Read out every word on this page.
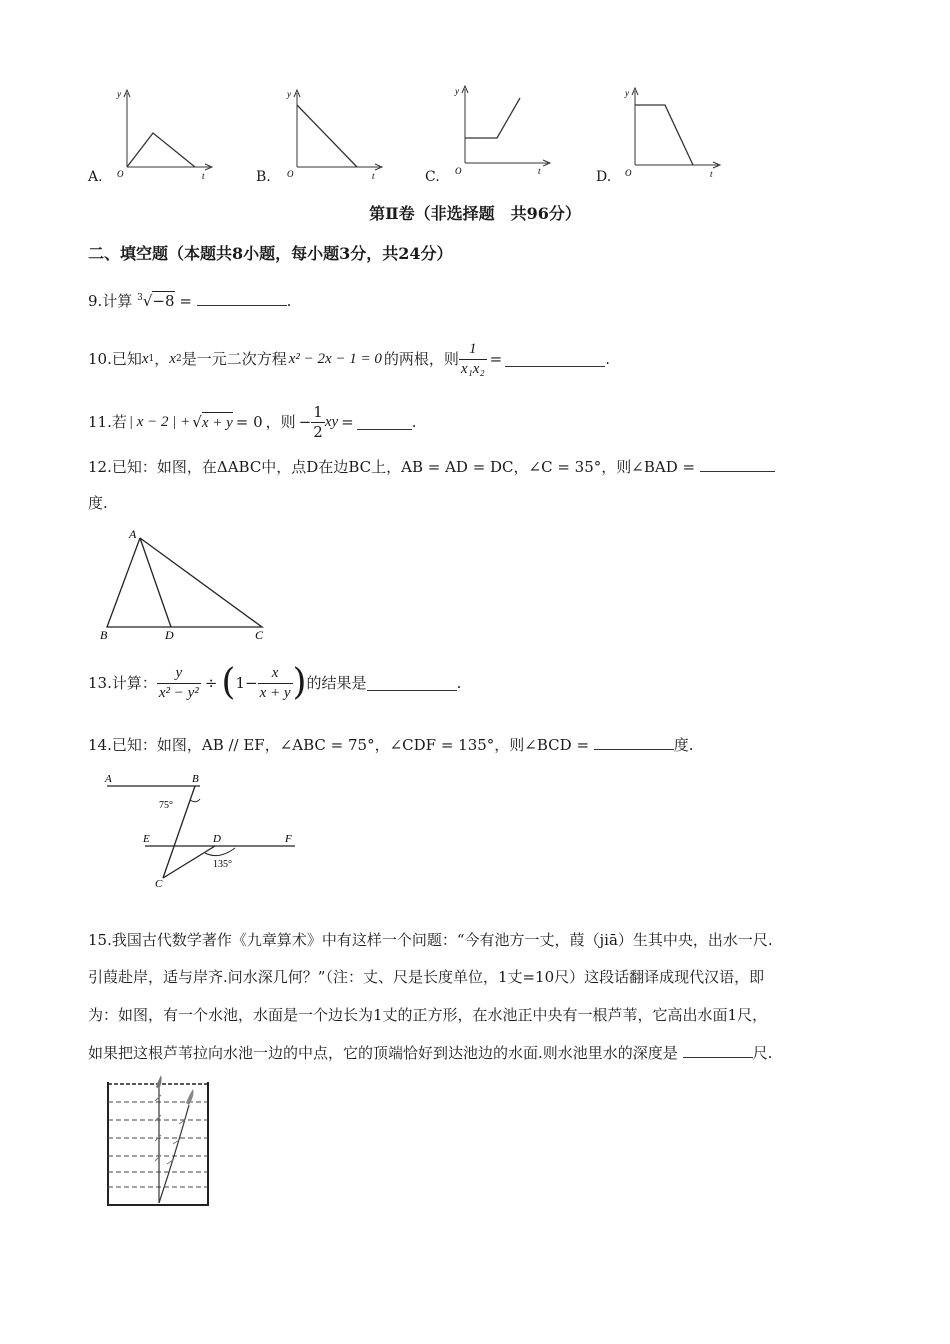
A.	B.	C.	D.
y
O	t
y
O	t
y
O	t
y
O	t
第Ⅱ卷（非选择题　共96分）
二、填空题（本题共8小题，每小题3分，共24分）
9.计算 $^3$√−8 =	.
10. 已知 x 1 ， x 2 是一元二次方程 x² − 2x − 1 = 0 的两根，则 $\frac{1}{\text{x₁x₂}}$ =	.
11. 若 | x − 2 | + √ x + y = 0 ，则 − $\frac{1}{2}$ xy =	.
12.已知：如图，在ΔABC中，点D在边BC上，AB = AD = DC，∠C = 35°，则∠BAD =
度.
A
B	D	C
13. 计算： $\frac{y}{\text{x² − y²}}$ ÷ ( $1- \frac{x}{x + y}$ ) 的结果是	.
14.已知：如图，AB // EF，∠ABC = 75°，∠CDF = 135°，则∠BCD =	度.
A	B
75°
E	D	F
135°
C
15.我国古代数学著作《九章算术》中有这样一个问题：“今有池方一丈，葭（jiā）生其中央，出水一尺.
引葭赴岸，适与岸齐.问水深几何？”（注：丈、尺是长度单位，1丈=10尺）这段话翻译成现代汉语，即
为：如图，有一个水池，水面是一个边长为1丈的正方形，在水池正中央有一根芦苇，它高出水面1尺，
如果把这根芦苇拉向水池一边的中点，它的顶端恰好到达池边的水面.则水池里水的深度是	尺.
